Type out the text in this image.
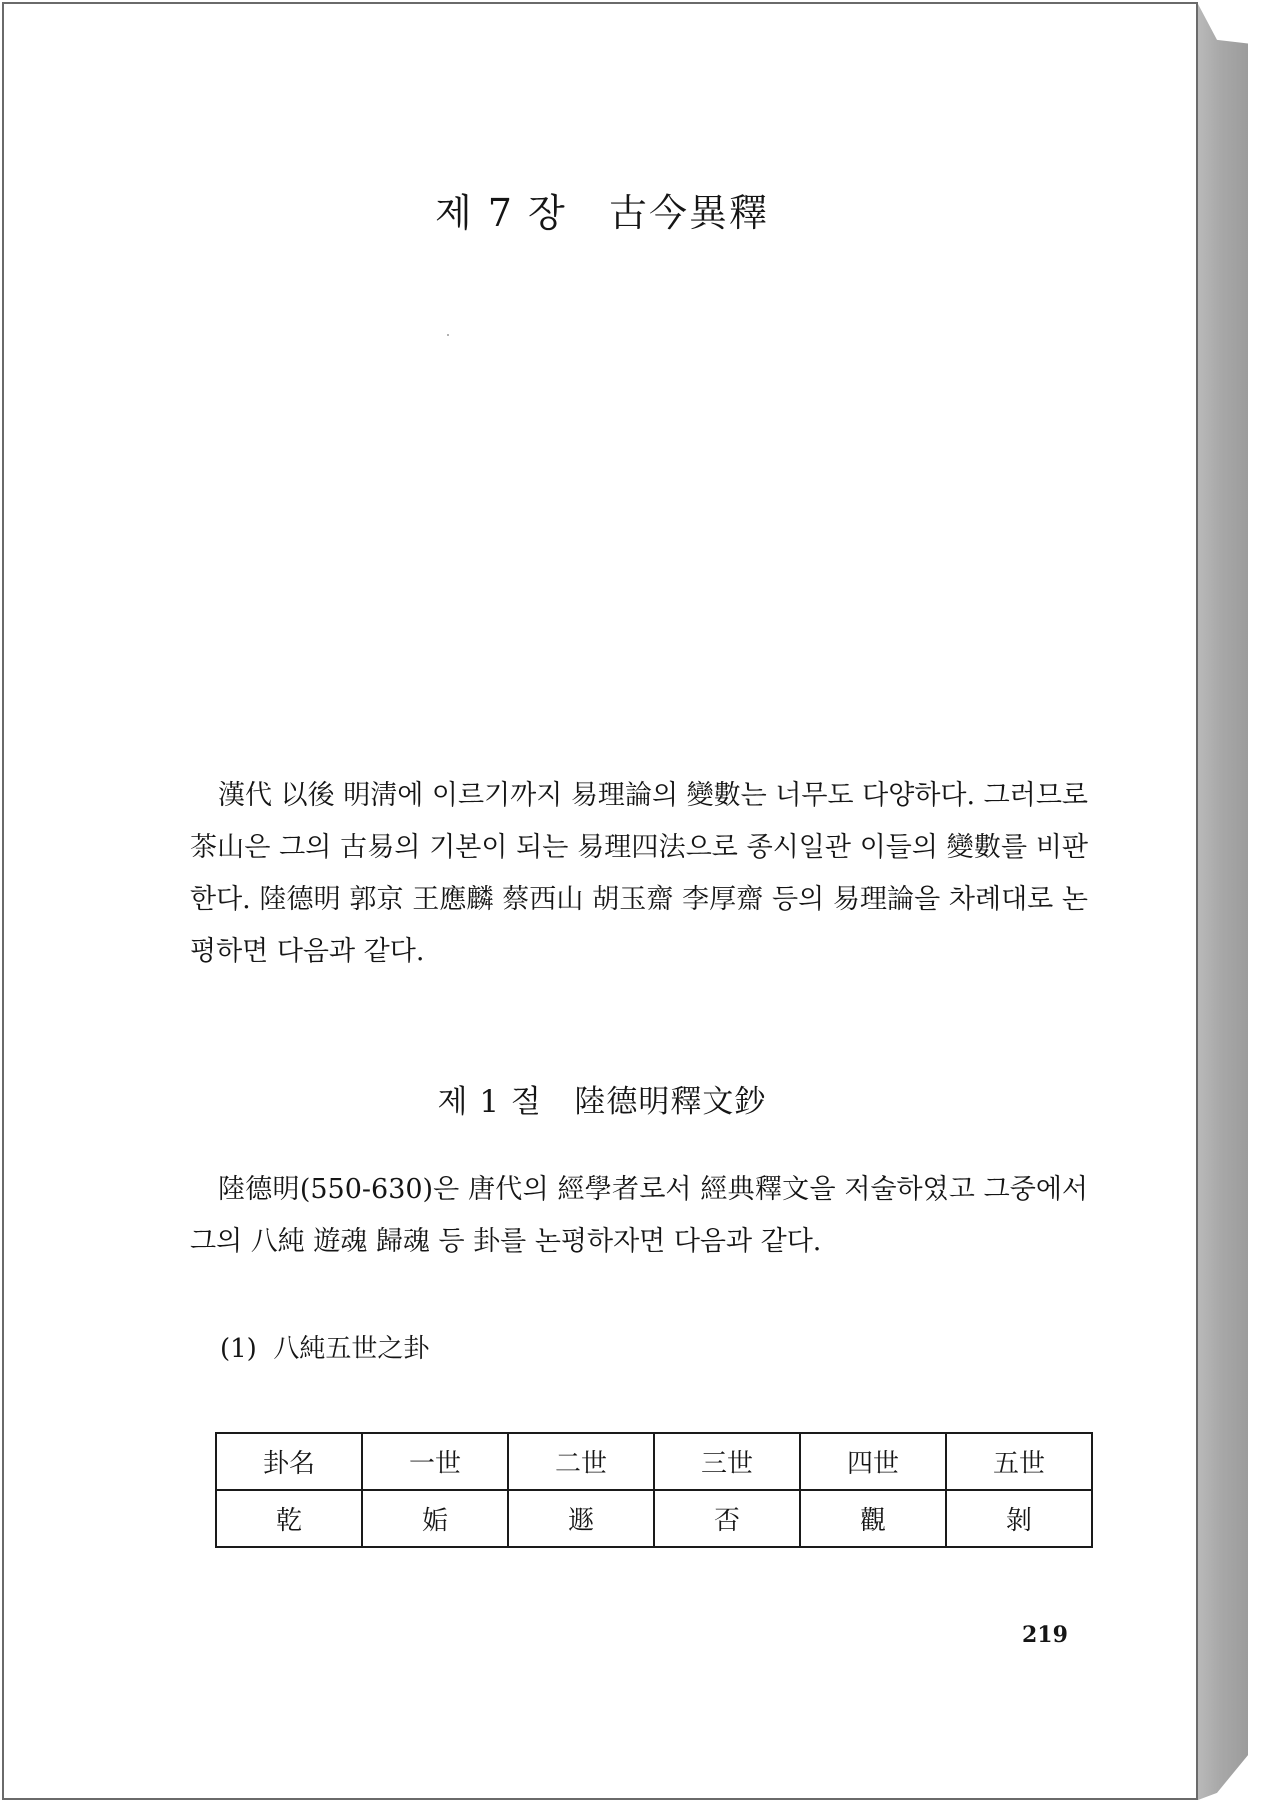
제 7 장   古今異釋

漢代 以後 明淸에 이르기까지 易理論의 變數는 너무도 다양하다. 그러므로 茶山은 그의 古易의 기본이 되는 易理四法으로 종시일관 이들의 變數를 비판한다. 陸德明 郭京 王應麟 蔡西山 胡玉齋 李厚齋 등의 易理論을 차례대로 논평하면 다음과 같다.

제 1 절   陸德明釋文鈔

陸德明(550-630)은 唐代의 經學者로서 經典釋文을 저술하였고 그중에서 그의 八純 遊魂 歸魂 등 卦를 논평하자면 다음과 같다.

(1)  八純五世之卦
卦名	一世	二世	三世	四世	五世
乾	姤	遯	否	觀	剝
219
